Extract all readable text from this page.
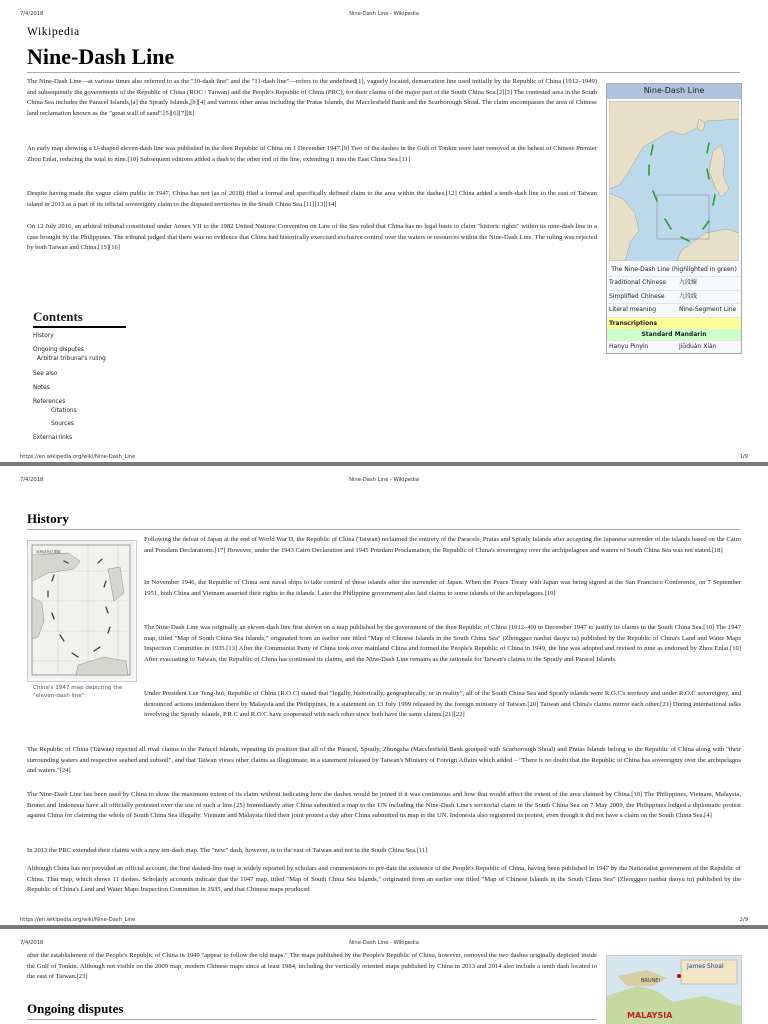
7/4/2018	Nine-Dash Line - Wikipedia
Wikipedia
Nine-Dash Line

The Nine-Dash Line—at various times also referred to as the "10-dash line" and the "11-dash line"—refers to the undefined[1], vaguely located, demarcation line used initially by the Republic of China (1912–1949) and subsequently the governments of the Republic of China (ROC / Taiwan) and the People's Republic of China (PRC), for their claims of the major part of the South China Sea.[2][3] The contested area in the South China Sea includes the Paracel Islands,[a] the Spratly Islands,[b][4] and various other areas including the Pratas Islands, the Macclesfield Bank and the Scarborough Shoal. The claim encompasses the area of Chinese land reclamation known as the "great wall of sand".[5][6][7][8]

An early map showing a U-shaped eleven-dash line was published in the then Republic of China on 1 December 1947.[9] Two of the dashes in the Gulf of Tonkin were later removed at the behest of Chinese Premier Zhou Enlai, reducing the total to nine.[10] Subsequent editions added a dash to the other end of the line, extending it into the East China Sea.[11]

Despite having made the vague claim public in 1947, China has not (as of 2018) filed a formal and specifically defined claim to the area within the dashes.[12] China added a tenth-dash line to the east of Taiwan island in 2013 as a part of its official sovereignty claim to the disputed territories in the South China Sea.[11][13][14]

On 12 July 2016, an arbitral tribunal constituted under Annex VII to the 1982 United Nations Convention on Law of the Sea ruled that China has no legal basis to claim "historic rights" within its nine-dash line in a case brought by the Philippines. The tribunal judged that there was no evidence that China had historically exercised exclusive control over the waters or resources within the Nine-Dash Line. The ruling was rejected by both Taiwan and China.[15][16]

Nine-Dash Line
The Nine-Dash Line (highlighted in green)
Traditional Chinese	九段線
Simplified Chinese	九段线
Literal meaning	Nine-Segment Line
Transcriptions
Standard Mandarin
Hanyu Pinyin	Jiǔduàn Xiàn
Contents
History
Ongoing disputes
Arbitral tribunal's ruling
See also
Notes
References
Citations
Sources
External links
https://en.wikipedia.org/wiki/Nine-Dash_Line	1/9
7/4/2018	Nine-Dash Line - Wikipedia
History
南海諸島位置圖
China's 1947 map depicting the "eleven-dash line".

Following the defeat of Japan at the end of World War II, the Republic of China (Taiwan) reclaimed the entirety of the Paracels, Pratas and Spratly Islands after accepting the Japanese surrender of the islands based on the Cairo and Potsdam Declarations.[17] However, under the 1943 Cairo Declaration and 1945 Potsdam Proclamation, the Republic of China's sovereignty over the archipelagoes and waters of South China Sea was not stated.[18]

In November 1946, the Republic of China sent naval ships to take control of these islands after the surrender of Japan. When the Peace Treaty with Japan was being signed at the San Francisco Conference, on 7 September 1951, both China and Vietnam asserted their rights to the islands. Later the Philippine government also laid claims to some islands of the archipelagoes.[19]

The Nine-Dash Line was originally an eleven-dash line first shown on a map published by the government of the then Republic of China (1912–49) in December 1947 to justify its claims in the South China Sea.[10] The 1947 map, titled "Map of South China Sea Islands," originated from an earlier one titled "Map of Chinese Islands in the South China Sea" (Zhongguo nanhai daoyu tu) published by the Republic of China's Land and Water Maps Inspection Committee in 1935.[13] After the Communist Party of China took over mainland China and formed the People's Republic of China in 1949, the line was adopted and revised to nine as endorsed by Zhou Enlai.[10] After evacuating to Taiwan, the Republic of China has continued its claims, and the Nine-Dash Line remains as the rationale for Taiwan's claims to the Spratly and Paracel Islands.

Under President Lee Teng-hui, Republic of China (R.O.C) stated that "legally, historically, geographically, or in reality", all of the South China Sea and Spratly islands were R.O.C's territory and under R.O.C sovereignty, and denounced actions undertaken there by Malaysia and the Philippines, in a statement on 13 July 1999 released by the foreign ministry of Taiwan.[20] Taiwan and China's claims mirror each other.[21] During international talks involving the Spratly islands, P.R.C and R.O.C have cooperated with each other since both have the same claims.[21][22]

The Republic of China (Taiwan) rejected all rival claims to the Paracel islands, repeating its position that all of the Paracel, Spratly, Zhongsha (Macclesfield Bank grouped with Scarborough Shoal) and Pratas Islands belong to the Republic of China along with "their surrounding waters and respective seabed and subsoil", and that Taiwan views other claims as illegitimate, in a statement released by Taiwan's Ministry of Foreign Affairs which added – "There is no doubt that the Republic of China has sovereignty over the archipelagos and waters."[24]

The Nine-Dash Line has been used by China to show the maximum extent of its claim without indicating how the dashes would be joined if it was continuous and how that would affect the extent of the area claimed by China.[10] The Philippines, Vietnam, Malaysia, Brunei and Indonesia have all officially protested over the use of such a line.[25] Immediately after China submitted a map to the UN including the Nine-Dash Line's territorial claim in the South China Sea on 7 May 2009, the Philippines lodged a diplomatic protest against China for claiming the whole of South China Sea illegally. Vietnam and Malaysia filed their joint protest a day after China submitted its map to the UN. Indonesia also registered its protest, even though it did not have a claim on the South China Sea.[4]

In 2013 the PRC extended their claims with a new ten-dash map. The "new" dash, however, is to the east of Taiwan and not in the South China Sea.[11]

Although China has not provided an official account, the first dashed-line map is widely reported by scholars and commentators to pre-date the existence of the People's Republic of China, having been published in 1947 by the Nationalist government of the Republic of China. That map, which shows 11 dashes. Scholarly accounts indicate that the 1947 map, titled "Map of South China Sea Islands," originated from an earlier one titled "Map of Chinese Islands in the South China Sea" (Zhongguo nanhai daoyu tu) published by the Republic of China's Land and Water Maps Inspection Committee in 1935, and that Chinese maps produced

https://en.wikipedia.org/wiki/Nine-Dash_Line	2/9
7/4/2018	Nine-Dash Line - Wikipedia

after the establishment of the People's Republic of China in 1949 "appear to follow the old maps." The maps published by the People's Republic of China, however, removed the two dashes originally depicted inside the Gulf of Tonkin. Although not visible on the 2009 map, modern Chinese maps since at least 1984, including the vertically oriented maps published by China in 2013 and 2014 also include a tenth dash located to the east of Taiwan.[23]

Ongoing disputes
James Shoal
MALAYSIA
BRUNEI
